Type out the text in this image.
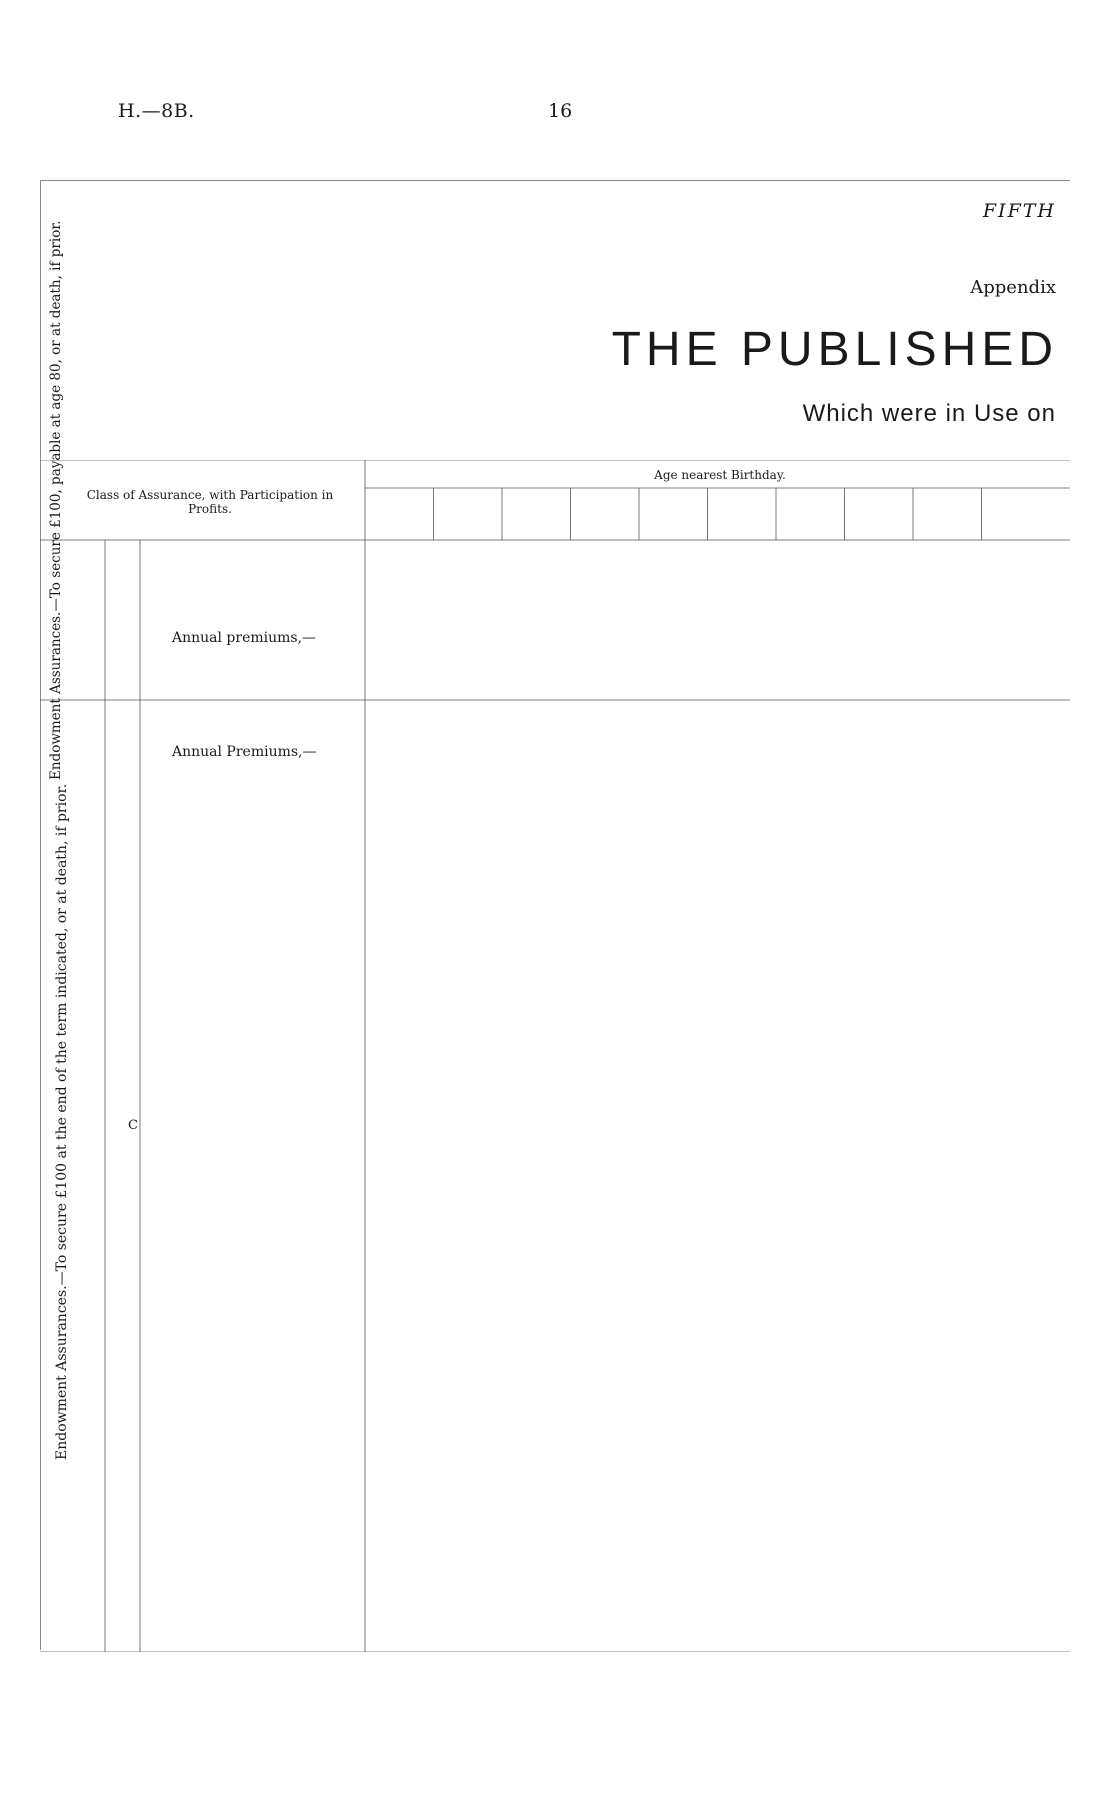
H.—8B.	16
FIFTH
Appendix
THE PUBLISHED
Which were in Use on
Class of Assurance, with Participation in Profits.
Age nearest Birthday.
Endowment Assurances.—To secure £100, payable at age 80, or at death, if prior.
Endowment Assurances.—To secure £100 at the end of the term indicated, or at death, if prior.
Annual premiums,—
C
Annual Premiums,—
